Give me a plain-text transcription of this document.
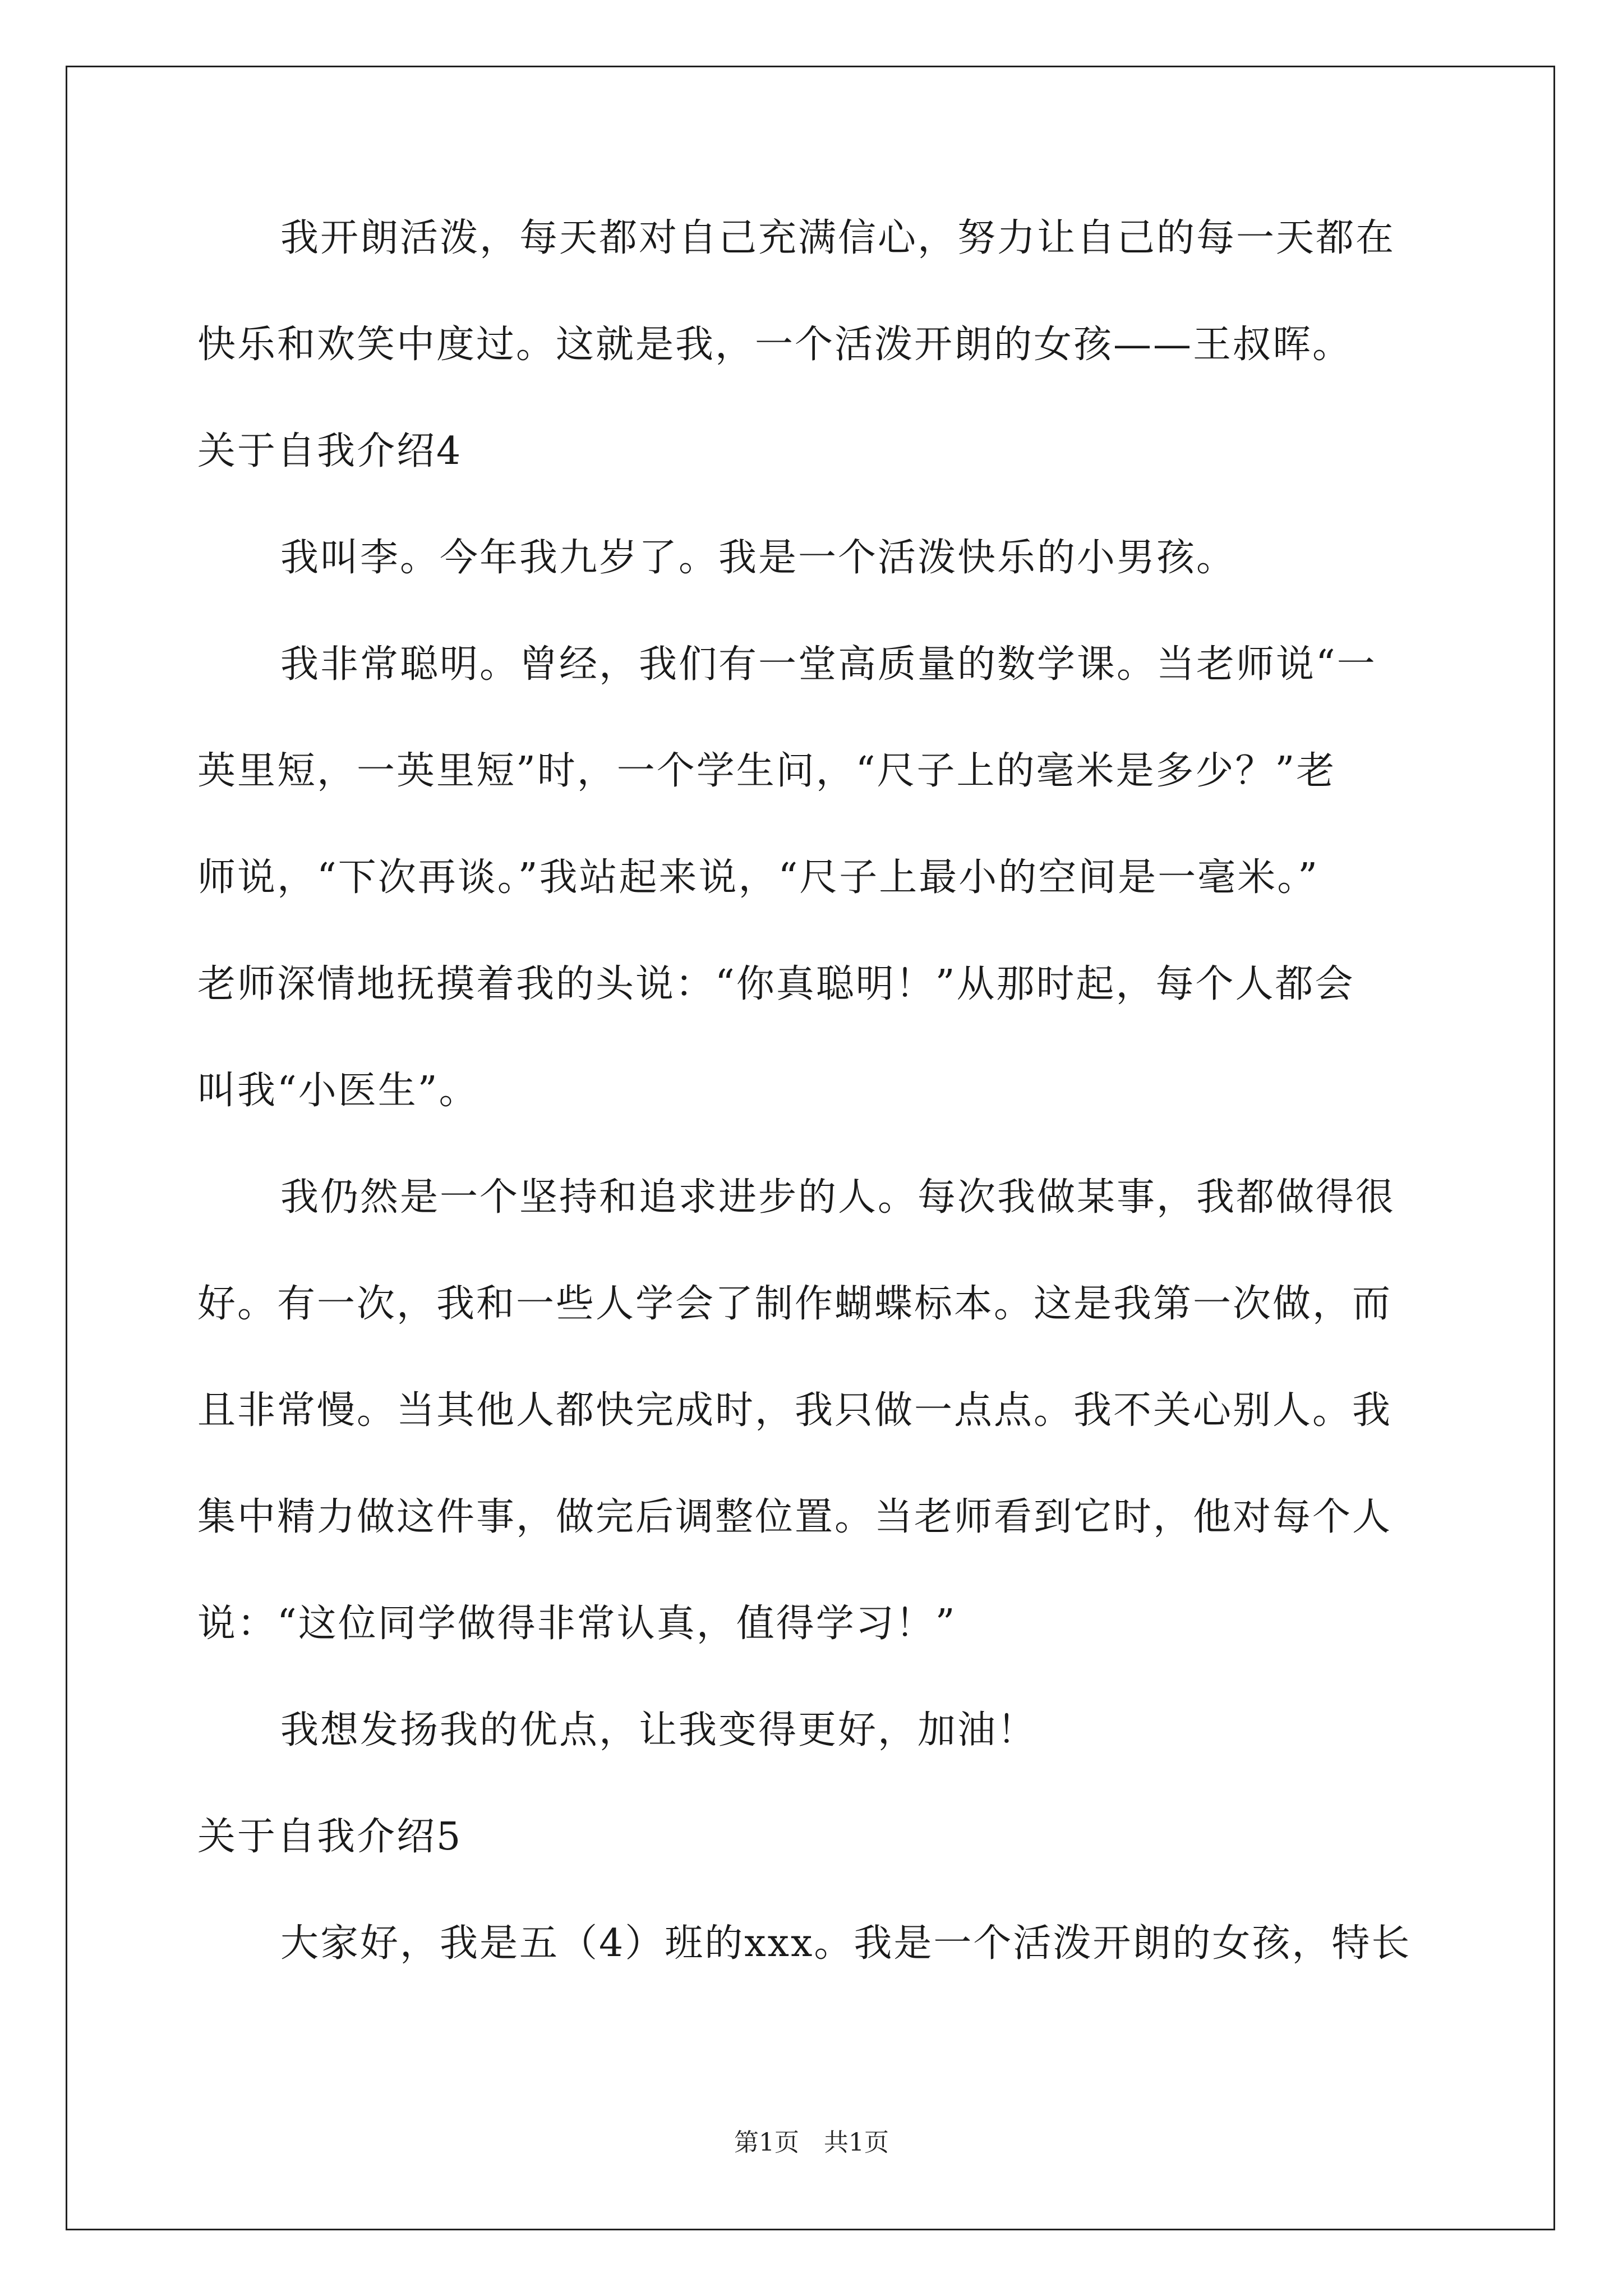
我开朗活泼，每天都对自己充满信心，努力让自己的每一天都在
快乐和欢笑中度过。这就是我，一个活泼开朗的女孩——王叔晖。
关于自我介绍4
我叫李。今年我九岁了。我是一个活泼快乐的小男孩。
我非常聪明。曾经，我们有一堂高质量的数学课。当老师说“一
英里短，一英里短”时，一个学生问，“尺子上的毫米是多少？”老
师说，“下次再谈。”我站起来说，“尺子上最小的空间是一毫米。”
老师深情地抚摸着我的头说：“你真聪明！”从那时起，每个人都会
叫我“小医生”。
我仍然是一个坚持和追求进步的人。每次我做某事，我都做得很
好。有一次，我和一些人学会了制作蝴蝶标本。这是我第一次做，而
且非常慢。当其他人都快完成时，我只做一点点。我不关心别人。我
集中精力做这件事，做完后调整位置。当老师看到它时，他对每个人
说：“这位同学做得非常认真，值得学习！”
我想发扬我的优点，让我变得更好，加油！
关于自我介绍5
大家好，我是五（4）班的xxx。我是一个活泼开朗的女孩，特长
第1页　共1页
